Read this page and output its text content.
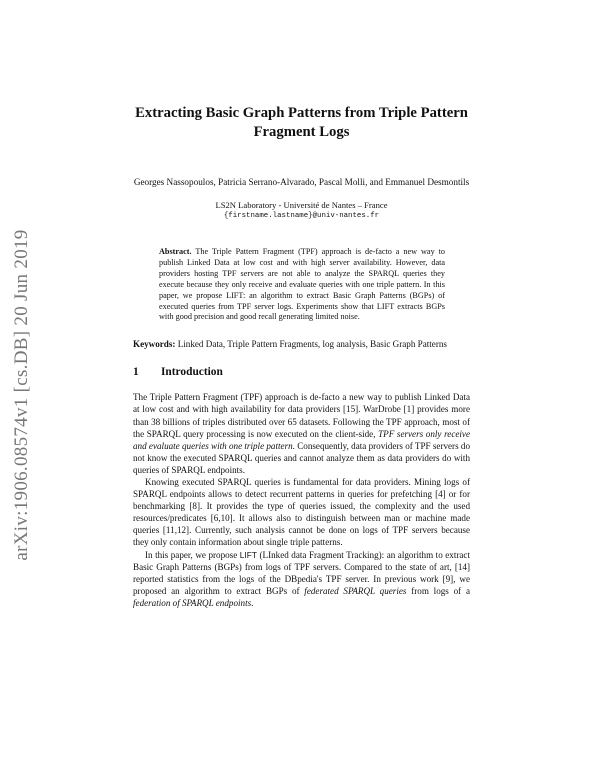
arXiv:1906.08574v1 [cs.DB] 20 Jun 2019
Extracting Basic Graph Patterns from Triple Pattern Fragment Logs

Georges Nassopoulos, Patricia Serrano-Alvarado, Pascal Molli, and Emmanuel Desmontils

LS2N Laboratory - Université de Nantes – France

{firstname.lastname}@univ-nantes.fr

Abstract. The Triple Pattern Fragment (TPF) approach is de-facto a new way to publish Linked Data at low cost and with high server availability. However, data providers hosting TPF servers are not able to analyze the SPARQL queries they execute because they only receive and evaluate queries with one triple pattern. In this paper, we propose LIFT: an algorithm to extract Basic Graph Patterns (BGPs) of executed queries from TPF server logs. Experiments show that LIFT extracts BGPs with good precision and good recall generating limited noise.
Keywords: Linked Data, Triple Pattern Fragments, log analysis, Basic Graph Patterns
1 Introduction

The Triple Pattern Fragment (TPF) approach is de-facto a new way to publish Linked Data at low cost and with high availability for data providers [15]. WarDrobe [1] provides more than 38 billions of triples distributed over 65 datasets. Following the TPF approach, most of the SPARQL query processing is now executed on the client-side, TPF servers only receive and evaluate queries with one triple pattern. Consequently, data providers of TPF servers do not know the executed SPARQL queries and cannot analyze them as data providers do with queries of SPARQL endpoints.

Knowing executed SPARQL queries is fundamental for data providers. Mining logs of SPARQL endpoints allows to detect recurrent patterns in queries for prefetching [4] or for benchmarking [8]. It provides the type of queries issued, the complexity and the used resources/predicates [6,10]. It allows also to distinguish between man or machine made queries [11,12]. Currently, such analysis cannot be done on logs of TPF servers because they only contain information about single triple patterns.

In this paper, we propose LIFT (LInked data Fragment Tracking): an algorithm to extract Basic Graph Patterns (BGPs) from logs of TPF servers. Compared to the state of art, [14] reported statistics from the logs of the DBpedia's TPF server. In previous work [9], we proposed an algorithm to extract BGPs of federated SPARQL queries from logs of a federation of SPARQL endpoints.
